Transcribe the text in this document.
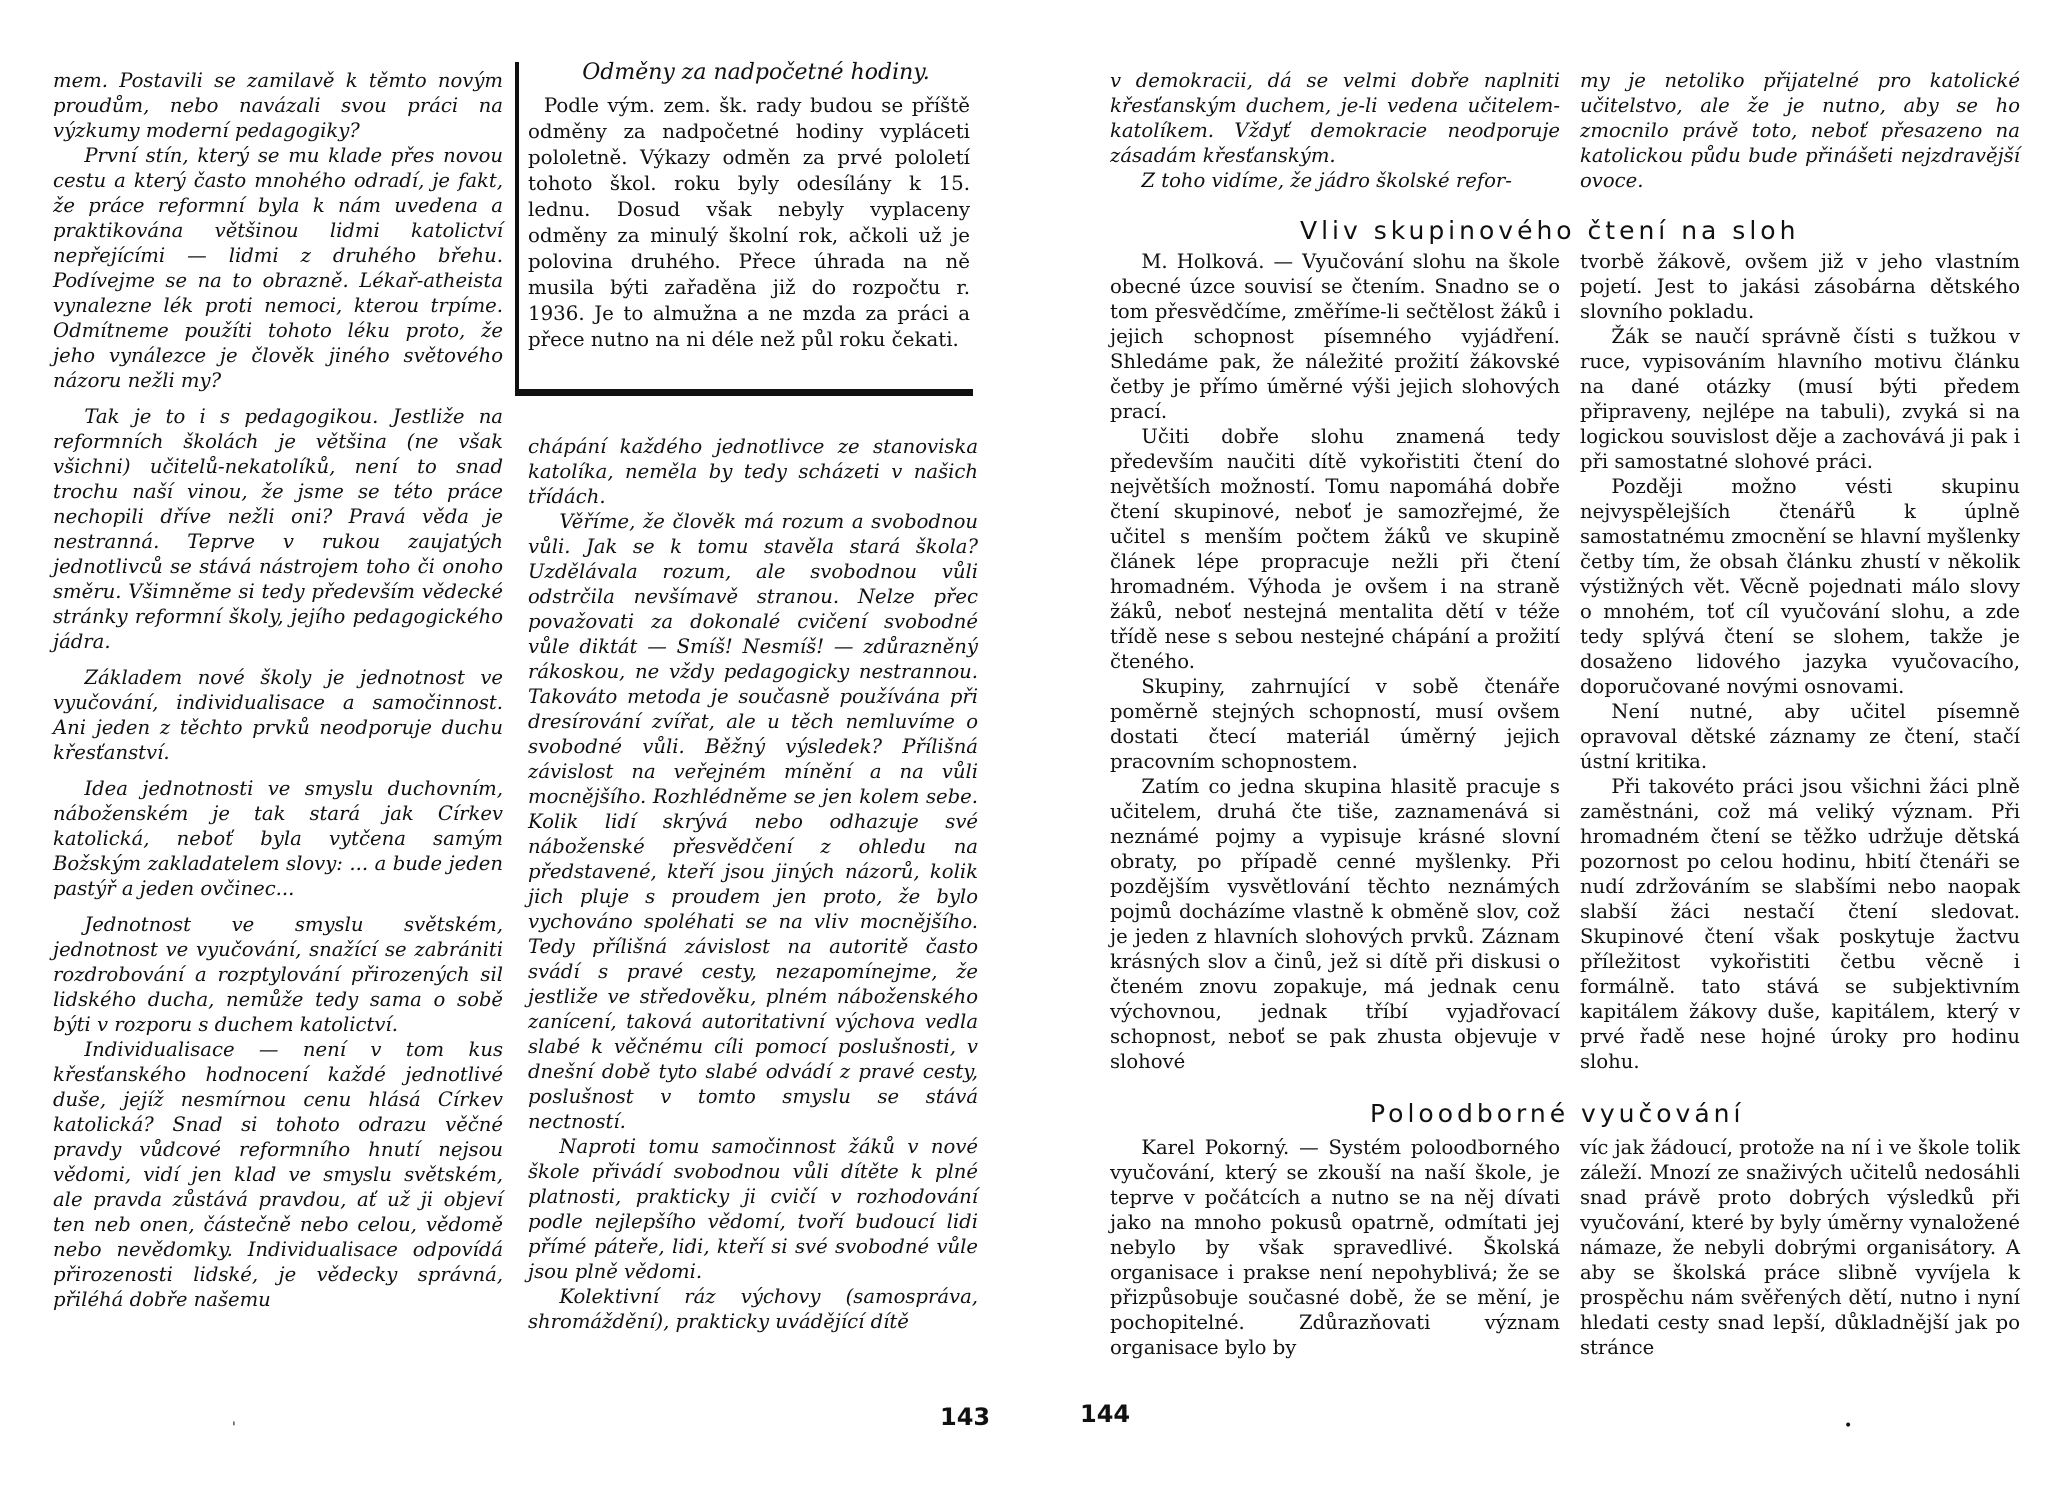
mem. Postavili se zamilavě k těmto novým proudům, nebo navázali svou práci na výzkumy moderní pedagogiky?

První stín, který se mu klade přes novou cestu a který často mnohého odradí, je fakt, že práce reformní byla k nám uvedena a praktikována většinou lidmi katolictví nepřejícími — lidmi z druhého břehu. Podívejme se na to obrazně. Lékař-atheista vynalezne lék proti nemoci, kterou trpíme. Odmítneme použíti tohoto léku proto, že jeho vynálezce je člověk jiného světového názoru nežli my?

Tak je to i s pedagogikou. Jestliže na reformních školách je většina (ne však všichni) učitelů-nekatolíků, není to snad trochu naší vinou, že jsme se této práce nechopili dříve nežli oni? Pravá věda je nestranná. Teprve v rukou zaujatých jednotlivců se stává nástrojem toho či onoho směru. Všimněme si tedy především vědecké stránky reformní školy, jejího pedagogického jádra.

Základem nové školy je jednotnost ve vyučování, individualisace a samočinnost. Ani jeden z těchto prvků neodporuje duchu křesťanství.

Idea jednotnosti ve smyslu duchovním, náboženském je tak stará jak Církev katolická, neboť byla vytčena samým Božským zakladatelem slovy: ... a bude jeden pastýř a jeden ovčinec...

Jednotnost ve smyslu světském, jednotnost ve vyučování, snažící se zabrániti rozdrobování a rozptylování přirozených sil lidského ducha, nemůže tedy sama o sobě býti v rozporu s duchem katolictví.

Individualisace — není v tom kus křesťanského hodnocení každé jednotlivé duše, jejíž nesmírnou cenu hlásá Církev katolická? Snad si tohoto odrazu věčné pravdy vůdcové reformního hnutí nejsou vědomi, vidí jen klad ve smyslu světském, ale pravda zůstává pravdou, ať už ji objeví ten neb onen, částečně nebo celou, vědomě nebo nevědomky. Individualisace odpovídá přirozenosti lidské, je vědecky správná, přiléhá dobře našemu

Odměny za nadpočetné hodiny.

Podle vým. zem. šk. rady budou se příště odměny za nadpočetné hodiny vypláceti pololetně. Výkazy odměn za prvé pololetí tohoto škol. roku byly odesílány k 15. lednu. Dosud však nebyly vyplaceny odměny za minulý školní rok, ačkoli už je polovina druhého. Přece úhrada na ně musila býti zařaděna již do rozpočtu r. 1936. Je to almužna a ne mzda za práci a přece nutno na ni déle než půl roku čekati.

chápání každého jednotlivce ze stanoviska katolíka, neměla by tedy scházeti v našich třídách.

Věříme, že člověk má rozum a svobodnou vůli. Jak se k tomu stavěla stará škola? Uzdělávala rozum, ale svobodnou vůli odstrčila nevšímavě stranou. Nelze přec považovati za dokonalé cvičení svobodné vůle diktát — Smíš! Nesmíš! — zdůrazněný rákoskou, ne vždy pedagogicky nestrannou. Takováto metoda je současně používána při dresírování zvířat, ale u těch nemluvíme o svobodné vůli. Běžný výsledek? Přílišná závislost na veřejném mínění a na vůli mocnějšího. Rozhlédněme se jen kolem sebe. Kolik lidí skrývá nebo odhazuje své náboženské přesvědčení z ohledu na představené, kteří jsou jiných názorů, kolik jich pluje s proudem jen proto, že bylo vychováno spoléhati se na vliv mocnějšího. Tedy přílišná závislost na autoritě často svádí s pravé cesty, nezapomínejme, že jestliže ve středověku, plném náboženského zanícení, taková autoritativní výchova vedla slabé k věčnému cíli pomocí poslušnosti, v dnešní době tyto slabé odvádí z pravé cesty, poslušnost v tomto smyslu se stává nectností.

Naproti tomu samočinnost žáků v nové škole přivádí svobodnou vůli dítěte k plné platnosti, prakticky ji cvičí v rozhodování podle nejlepšího vědomí, tvoří budoucí lidi přímé páteře, lidi, kteří si své svobodné vůle jsou plně vědomi.

Kolektivní ráz výchovy (samospráva, shromáždění), prakticky uvádějící dítě

143
'

v demokracii, dá se velmi dobře naplniti křesťanským duchem, je-li vedena učitelem-katolíkem. Vždyť demokracie neodporuje zásadám křesťanským.

Z toho vidíme, že jádro školské refor-

my je netoliko přijatelné pro katolické učitelstvo, ale že je nutno, aby se ho zmocnilo právě toto, neboť přesazeno na katolickou půdu bude přinášeti nejzdravější ovoce.

Vliv skupinového čtení na sloh

M. Holková. — Vyučování slohu na škole obecné úzce souvisí se čtením. Snadno se o tom přesvědčíme, změříme-li sečtělost žáků i jejich schopnost písemného vyjádření. Shledáme pak, že náležité prožití žákovské četby je přímo úměrné výši jejich slohových prací.

Učiti dobře slohu znamená tedy především naučiti dítě vykořistiti čtení do největších možností. Tomu napomáhá dobře čtení skupinové, neboť je samozřejmé, že učitel s menším počtem žáků ve skupině článek lépe propracuje nežli při čtení hromadném. Výhoda je ovšem i na straně žáků, neboť nestejná mentalita dětí v téže třídě nese s sebou nestejné chápání a prožití čteného.

Skupiny, zahrnující v sobě čtenáře poměrně stejných schopností, musí ovšem dostati čtecí materiál úměrný jejich pracovním schopnostem.

Zatím co jedna skupina hlasitě pracuje s učitelem, druhá čte tiše, zaznamenává si neznámé pojmy a vypisuje krásné slovní obraty, po případě cenné myšlenky. Při pozdějším vysvětlování těchto neznámých pojmů docházíme vlastně k obměně slov, což je jeden z hlavních slohových prvků. Záznam krásných slov a činů, jež si dítě při diskusi o čteném znovu zopakuje, má jednak cenu výchovnou, jednak tříbí vyjadřovací schopnost, neboť se pak zhusta objevuje v slohové

tvorbě žákově, ovšem již v jeho vlastním pojetí. Jest to jakási zásobárna dětského slovního pokladu.

Žák se naučí správně čísti s tužkou v ruce, vypisováním hlavního motivu článku na dané otázky (musí býti předem připraveny, nejlépe na tabuli), zvyká si na logickou souvislost děje a zachovává ji pak i při samostatné slohové práci.

Později možno vésti skupinu nejvyspělejších čtenářů k úplně samostatnému zmocnění se hlavní myšlenky četby tím, že obsah článku zhustí v několik výstižných vět. Věcně pojednati málo slovy o mnohém, toť cíl vyučování slohu, a zde tedy splývá čtení se slohem, takže je dosaženo lidového jazyka vyučovacího, doporučované novými osnovami.

Není nutné, aby učitel písemně opravoval dětské záznamy ze čtení, stačí ústní kritika.

Při takovéto práci jsou všichni žáci plně zaměstnáni, což má veliký význam. Při hromadném čtení se těžko udržuje dětská pozornost po celou hodinu, hbití čtenáři se nudí zdržováním se slabšími nebo naopak slabší žáci nestačí čtení sledovat. Skupinové čtení však poskytuje žactvu příležitost vykořistiti četbu věcně i formálně. tato stává se subjektivním kapitálem žákovy duše, kapitálem, který v prvé řadě nese hojné úroky pro hodinu slohu.

Poloodborné vyučování

Karel Pokorný. — Systém poloodborného vyučování, který se zkouší na naší škole, je teprve v počátcích a nutno se na něj dívati jako na mnoho pokusů opatrně, odmítati jej nebylo by však spravedlivé. Školská organisace i prakse není nepohyblivá; že se přizpůsobuje současné době, že se mění, je pochopitelné. Zdůrazňovati význam organisace bylo by

víc jak žádoucí, protože na ní i ve škole tolik záleží. Mnozí ze snaživých učitelů nedosáhli snad právě proto dobrých výsledků při vyučování, které by byly úměrny vynaložené námaze, že nebyli dobrými organisátory. A aby se školská práce slibně vyvíjela k prospěchu nám svěřených dětí, nutno i nyní hledati cesty snad lepší, důkladnější jak po stránce

144	•
